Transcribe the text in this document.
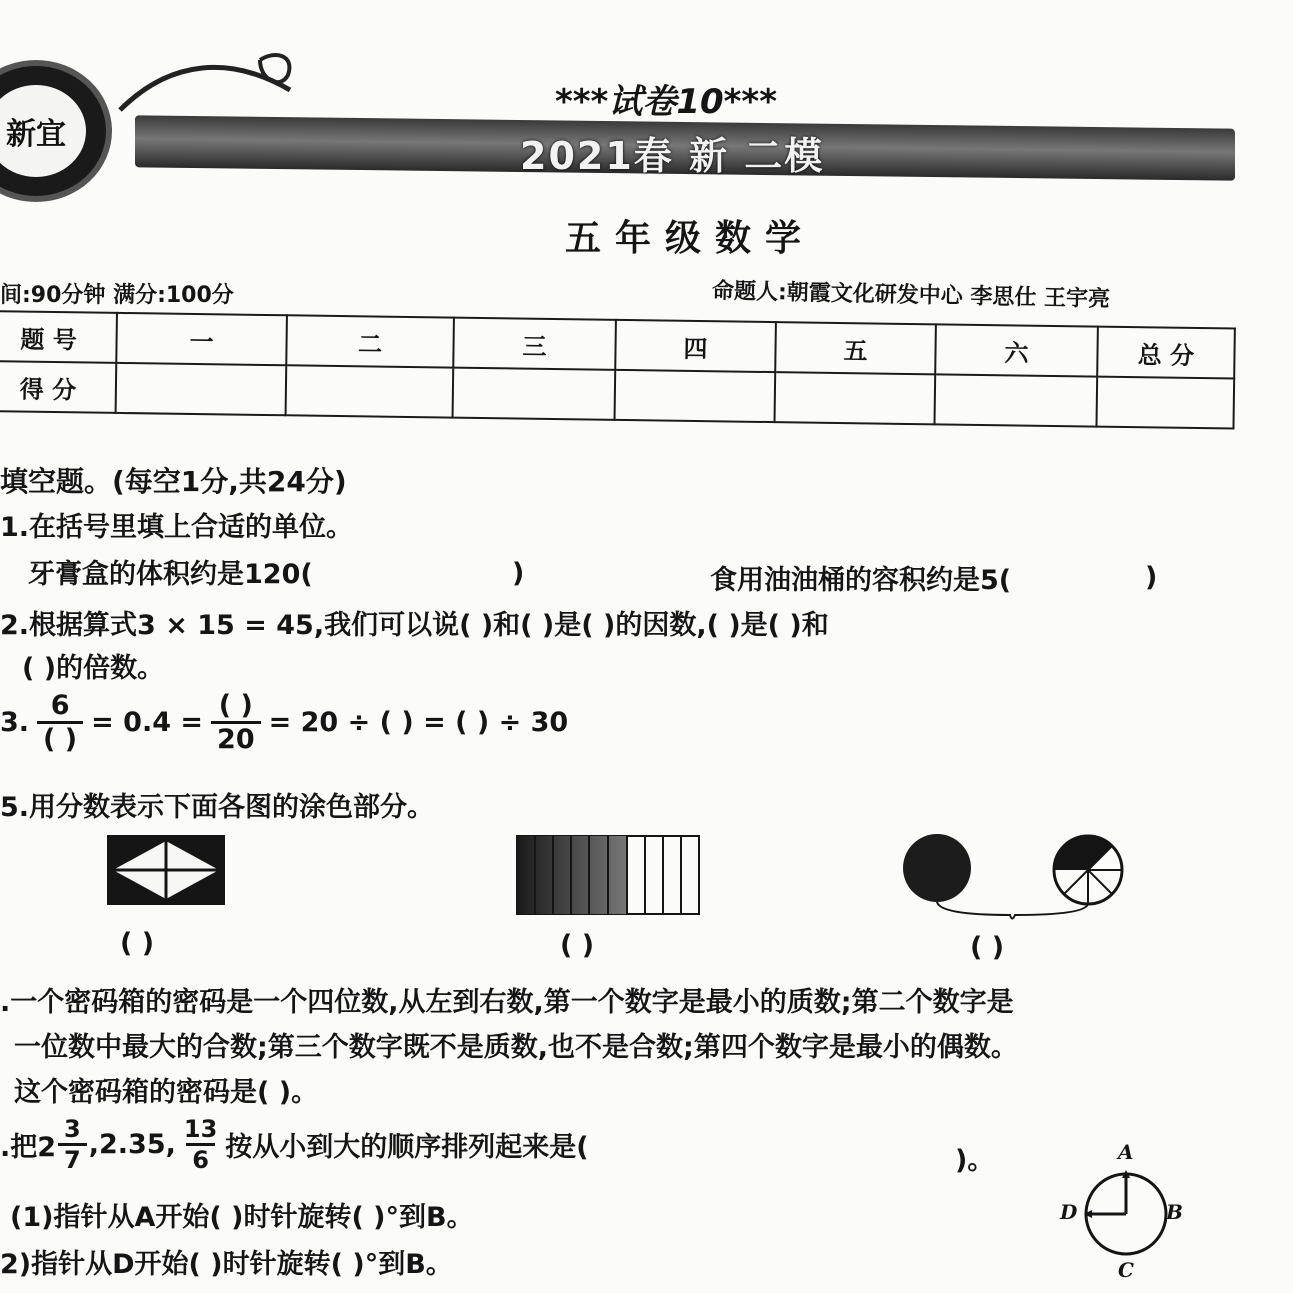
新宜
***试卷10***
2021春 新 二模
五年级数学
间:90分钟 满分:100分	命题人:朝霞文化研发中心 李思仕 王宇亮
题 号	一	二	三	四	五	六	总 分
得 分							
填空题。(每空1分,共24分)
1.在括号里填上合适的单位。
牙膏盒的体积约是120(	)	食用油油桶的容积约是5(	)
2.根据算式3 × 15 = 45,我们可以说( )和( )是( )的因数,( )是( )和
( )的倍数。
3. $\frac{6}{( )} = 0.4 = \frac{( )}{20} = 20$ ÷ ( ) = ( ) ÷ 30
5.用分数表示下面各图的涂色部分。
( )	( )	( )
.一个密码箱的密码是一个四位数,从左到右数,第一个数字是最小的质数;第二个数字是
一位数中最大的合数;第三个数字既不是质数,也不是合数;第四个数字是最小的偶数。
这个密码箱的密码是( )。
.把$2 \frac{3}{7} ,2.35$, $\frac{13}{6}$ 按从小到大的顺序排列起来是(	)。
(1)指针从A开始( )时针旋转( )°到B。
2)指针从D开始( )时针旋转( )°到B。
A
B
C
D
